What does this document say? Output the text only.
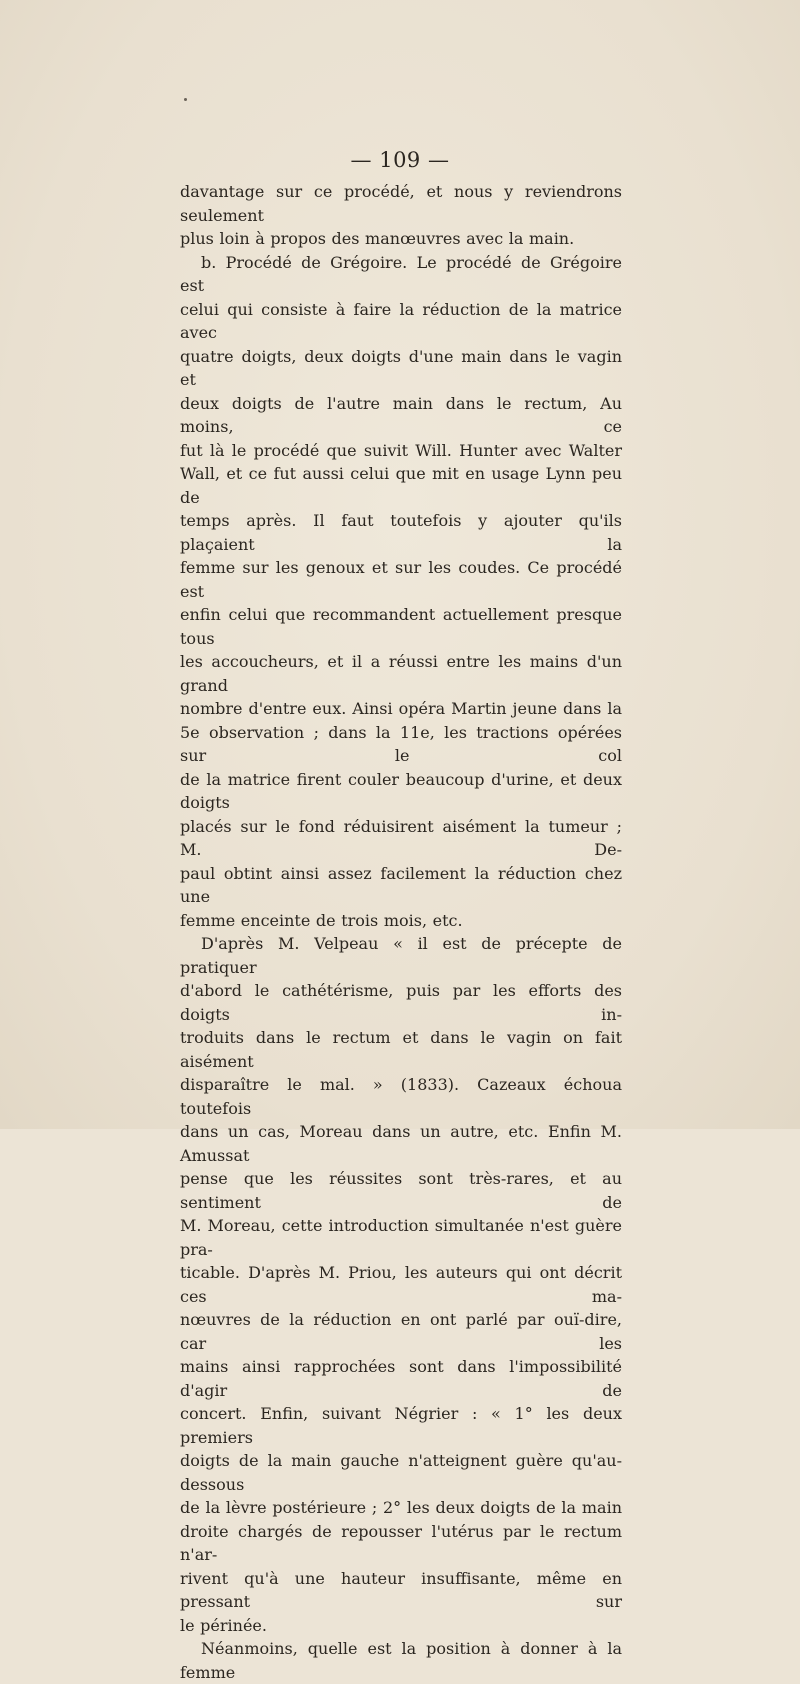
— 109 —

davantage sur ce procédé, et nous y reviendrons seulement

plus loin à propos des manœuvres avec la main.

b. Procédé de Grégoire. Le procédé de Grégoire est

celui qui consiste à faire la réduction de la matrice avec

quatre doigts, deux doigts d'une main dans le vagin et

deux doigts de l'autre main dans le rectum, Au moins, ce

fut là le procédé que suivit Will. Hunter avec Walter

Wall, et ce fut aussi celui que mit en usage Lynn peu de

temps après. Il faut toutefois y ajouter qu'ils plaçaient la

femme sur les genoux et sur les coudes. Ce procédé est

enfin celui que recommandent actuellement presque tous

les accoucheurs, et il a réussi entre les mains d'un grand

nombre d'entre eux. Ainsi opéra Martin jeune dans la

5e observation ; dans la 11e, les tractions opérées sur le col

de la matrice firent couler beaucoup d'urine, et deux doigts

placés sur le fond réduisirent aisément la tumeur ; M. De-

paul obtint ainsi assez facilement la réduction chez une

femme enceinte de trois mois, etc.

D'après M. Velpeau « il est de précepte de pratiquer

d'abord le cathétérisme, puis par les efforts des doigts in-

troduits dans le rectum et dans le vagin on fait aisément

disparaître le mal. » (1833). Cazeaux échoua toutefois

dans un cas, Moreau dans un autre, etc. Enfin M. Amussat

pense que les réussites sont très-rares, et au sentiment de

M. Moreau, cette introduction simultanée n'est guère pra-

ticable. D'après M. Priou, les auteurs qui ont décrit ces ma-

nœuvres de la réduction en ont parlé par ouï-dire, car les

mains ainsi rapprochées sont dans l'impossibilité d'agir de

concert. Enfin, suivant Négrier : « 1° les deux premiers

doigts de la main gauche n'atteignent guère qu'au-dessous

de la lèvre postérieure ; 2° les deux doigts de la main

droite chargés de repousser l'utérus par le rectum n'ar-

rivent qu'à une hauteur insuffisante, même en pressant sur

le périnée.

Néanmoins, quelle est la position à donner à la femme
